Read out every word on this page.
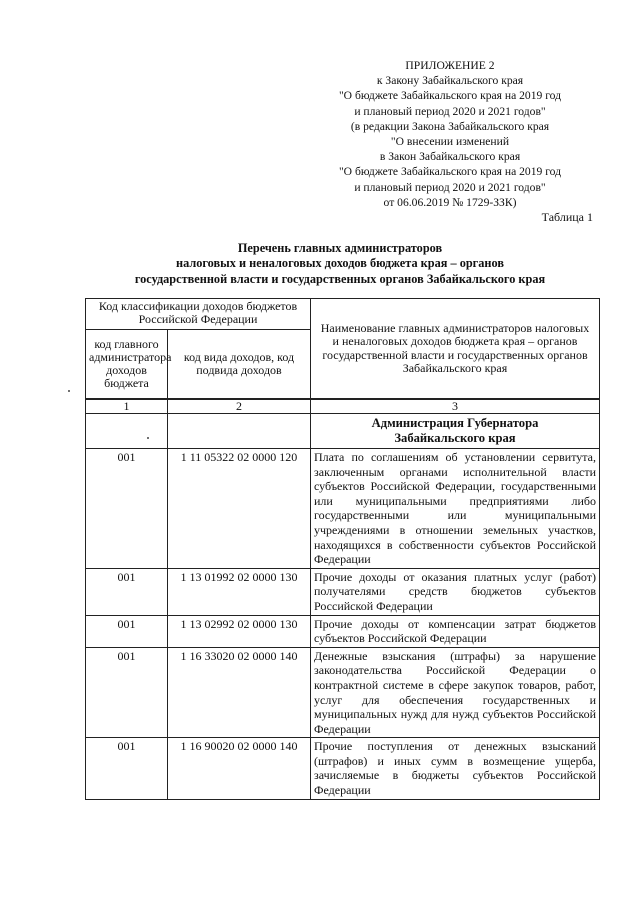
ПРИЛОЖЕНИЕ 2
к Закону Забайкальского края
"О бюджете Забайкальского края на 2019 год
и плановый период 2020 и 2021 годов"
(в редакции Закона Забайкальского края
"О внесении изменений
в Закон Забайкальского края
"О бюджете Забайкальского края на 2019 год
и плановый период 2020 и 2021 годов"
от 06.06.2019 № 1729-ЗЗК)
Таблица 1
Перечень главных администраторов
налоговых и неналоговых доходов бюджета края – органов
государственной власти и государственных органов Забайкальского края
Код классификации доходов бюджетов Российской Федерации		Наименование главных администраторов налоговых и неналоговых доходов бюджета края – органов государственной власти и государственных органов Забайкальского края
код главного администратора доходов бюджета	код вида доходов, код подвида доходов	
1	2	3
		Администрация Губернатора Забайкальского края
001	1 11 05322 02 0000 120	Плата по соглашениям об установлении сервитута, заключенным органами исполнительной власти субъектов Российской Федерации, государственными или муниципальными предприятиями либо государственными или муниципальными учреждениями в отношении земельных участков, находящихся в собственности субъектов Российской Федерации
001	1 13 01992 02 0000 130	Прочие доходы от оказания платных услуг (работ) получателями средств бюджетов субъектов Российской Федерации
001	1 13 02992 02 0000 130	Прочие доходы от компенсации затрат бюджетов субъектов Российской Федерации
001	1 16 33020 02 0000 140	Денежные взыскания (штрафы) за нарушение законодательства Российской Федерации о контрактной системе в сфере закупок товаров, работ, услуг для обеспечения государственных и муниципальных нужд для нужд субъектов Российской Федерации
001	1 16 90020 02 0000 140	Прочие поступления от денежных взысканий (штрафов) и иных сумм в возмещение ущерба, зачисляемые в бюджеты субъектов Российской Федерации
